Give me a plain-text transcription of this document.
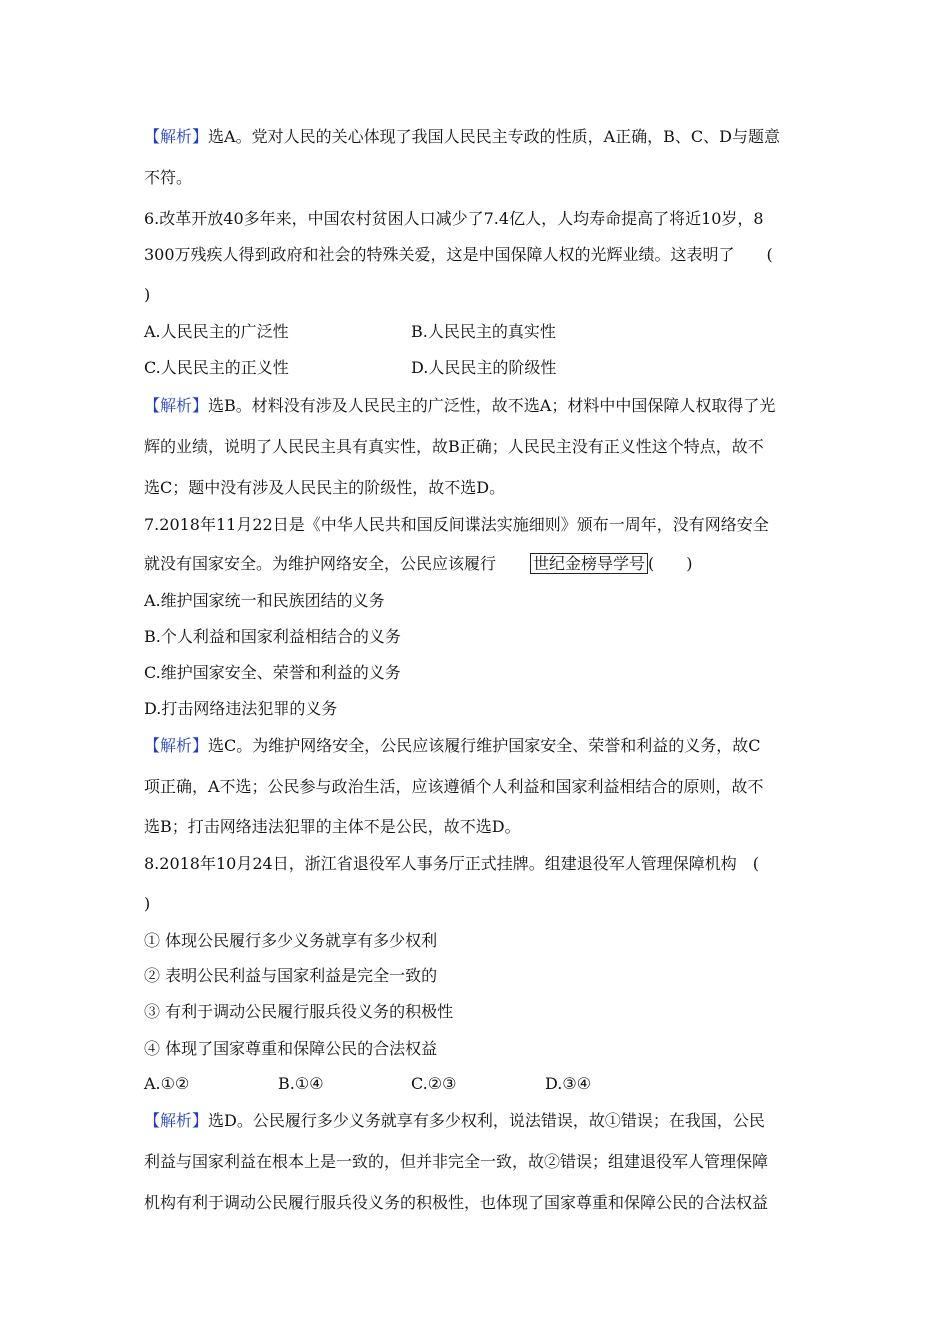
【解析】选A。党对人民的关心体现了我国人民民主专政的性质，A正确，B、C、D与题意
不符。
6.改革开放40多年来，中国农村贫困人口减少了7.4亿人，人均寿命提高了将近10岁，8
300万残疾人得到政府和社会的特殊关爱，这是中国保障人权的光辉业绩。这表明了　　(
)
A.人民民主的广泛性	B.人民民主的真实性
C.人民民主的正义性	D.人民民主的阶级性
【解析】选B。材料没有涉及人民民主的广泛性，故不选A；材料中中国保障人权取得了光
辉的业绩，说明了人民民主具有真实性，故B正确；人民民主没有正义性这个特点，故不
选C；题中没有涉及人民民主的阶级性，故不选D。
7.2018年11月22日是《中华人民共和国反间谍法实施细则》颁布一周年，没有网络安全
就没有国家安全。为维护网络安全，公民应该履行 世纪金榜导学号 (　　)
A.维护国家统一和民族团结的义务
B.个人利益和国家利益相结合的义务
C.维护国家安全、荣誉和利益的义务
D.打击网络违法犯罪的义务
【解析】选C。为维护网络安全，公民应该履行维护国家安全、荣誉和利益的义务，故C
项正确，A不选；公民参与政治生活，应该遵循个人利益和国家利益相结合的原则，故不
选B；打击网络违法犯罪的主体不是公民，故不选D。
8.2018年10月24日，浙江省退役军人事务厅正式挂牌。组建退役军人管理保障机构　(
)
① 体现公民履行多少义务就享有多少权利
② 表明公民利益与国家利益是完全一致的
③ 有利于调动公民履行服兵役义务的积极性
④ 体现了国家尊重和保障公民的合法权益
A.①②	B.①④	C.②③	D.③④
【解析】选D。公民履行多少义务就享有多少权利，说法错误，故①错误；在我国，公民
利益与国家利益在根本上是一致的，但并非完全一致，故②错误；组建退役军人管理保障
机构有利于调动公民履行服兵役义务的积极性，也体现了国家尊重和保障公民的合法权益
